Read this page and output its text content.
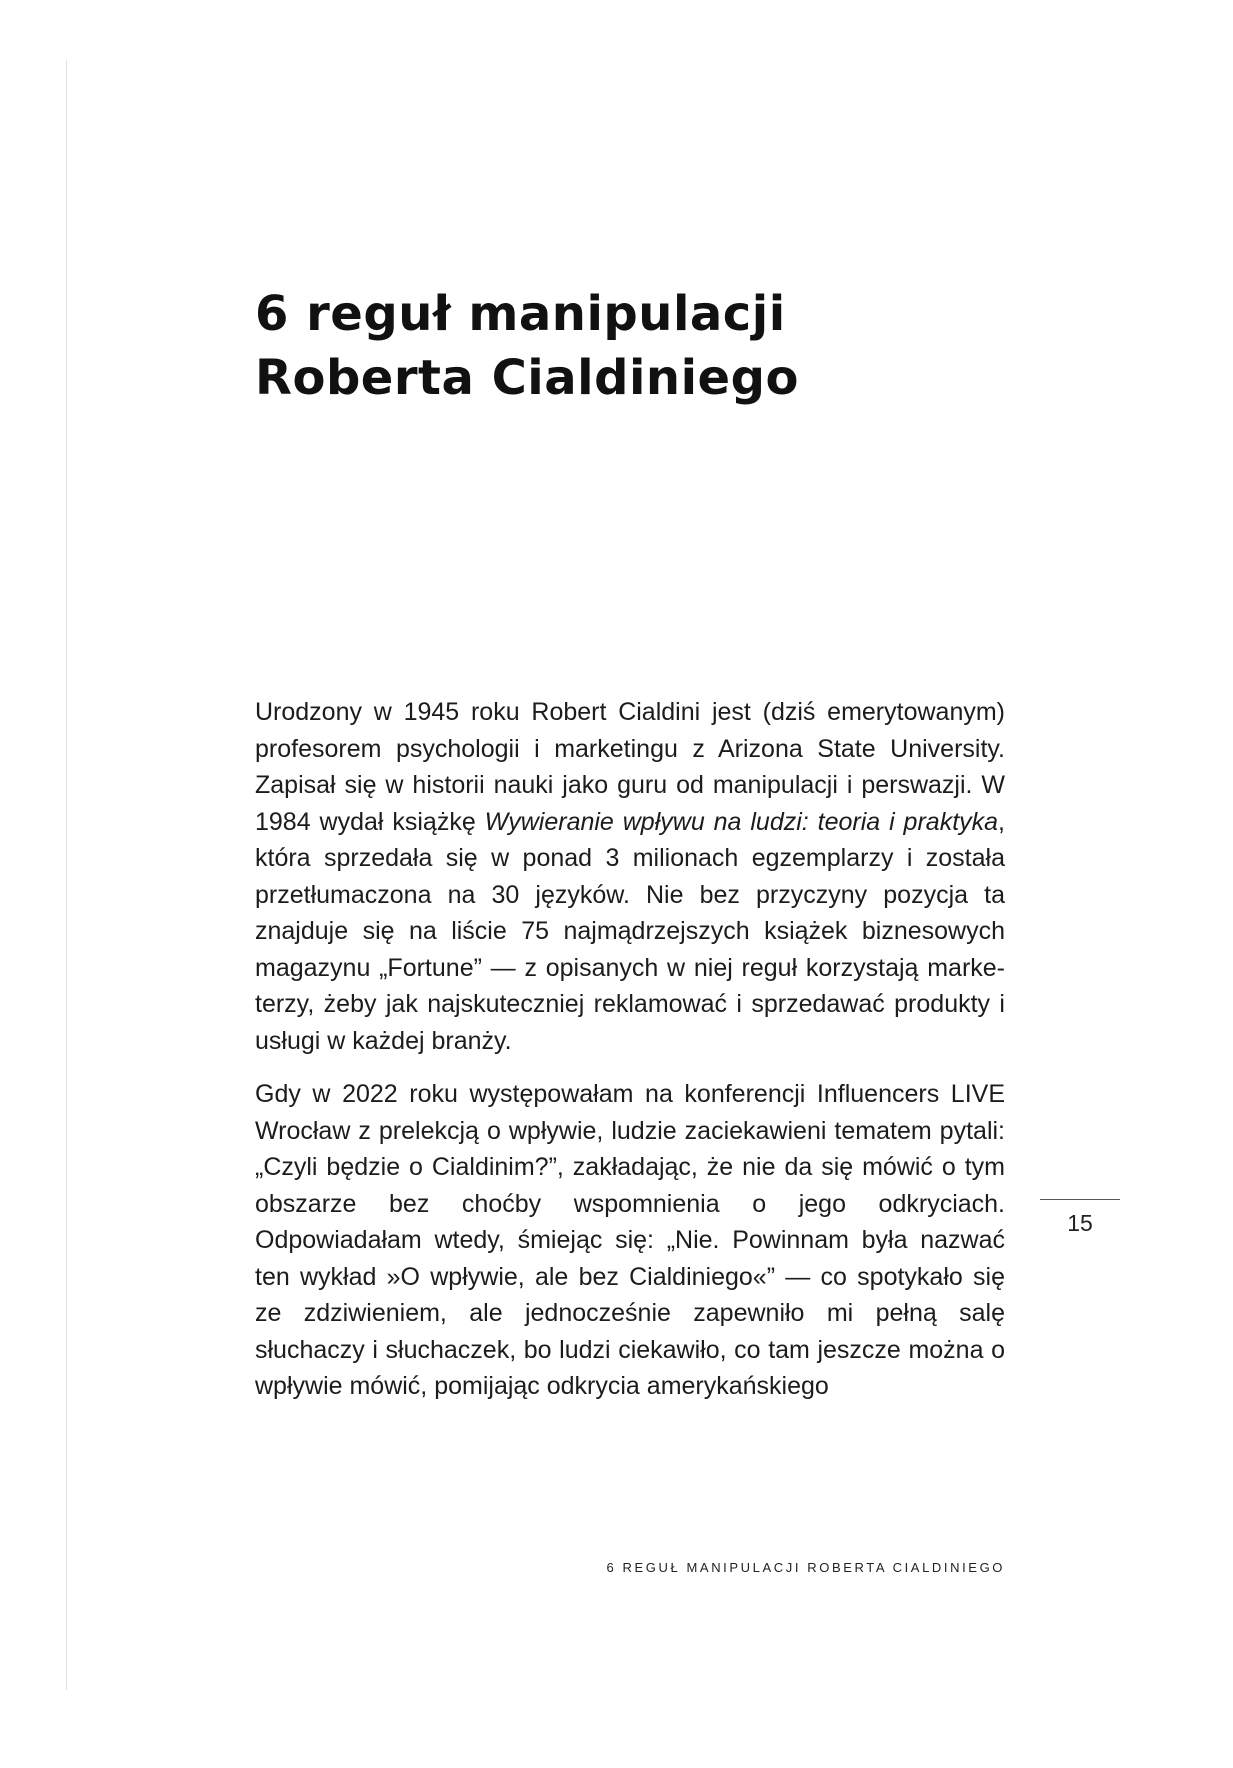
6 reguł manipulacji
Roberta Cialdiniego

Urodzony w 1945 roku Robert Cialdini jest (dziś emerytowanym) profesorem psychologii i marketingu z Arizona State University. Zapisał się w historii nauki jako guru od manipulacji i perswazji. W 1984 wydał książkę Wywieranie wpływu na ludzi: teoria i praktyka, która sprzedała się w ponad 3 milionach egzemplarzy i została przetłumaczona na 30 języków. Nie bez przyczyny pozycja ta znajduje się na liście 75 najmądrzejszych książek biznesowych magazynu „Fortune” — z opisanych w niej reguł korzystają marketerzy, żeby jak najskuteczniej reklamować i sprzedawać produkty i usługi w każdej branży.

Gdy w 2022 roku występowałam na konferencji Influencers LIVE Wrocław z prelekcją o wpływie, ludzie zaciekawieni tematem pytali: „Czyli będzie o Cialdinim?”, zakładając, że nie da się mówić o tym obszarze bez choćby wspomnienia o jego odkryciach. Odpowiadałam wtedy, śmiejąc się: „Nie. Powinnam była nazwać ten wykład »O wpływie, ale bez Cialdiniego«” — co spotykało się ze zdziwieniem, ale jednocześnie zapewniło mi pełną salę słuchaczy i słuchaczek, bo ludzi ciekawiło, co tam jeszcze można o wpływie mówić, pomijając odkrycia amerykańskiego

15
6 REGUŁ MANIPULACJI ROBERTA CIALDINIEGO
